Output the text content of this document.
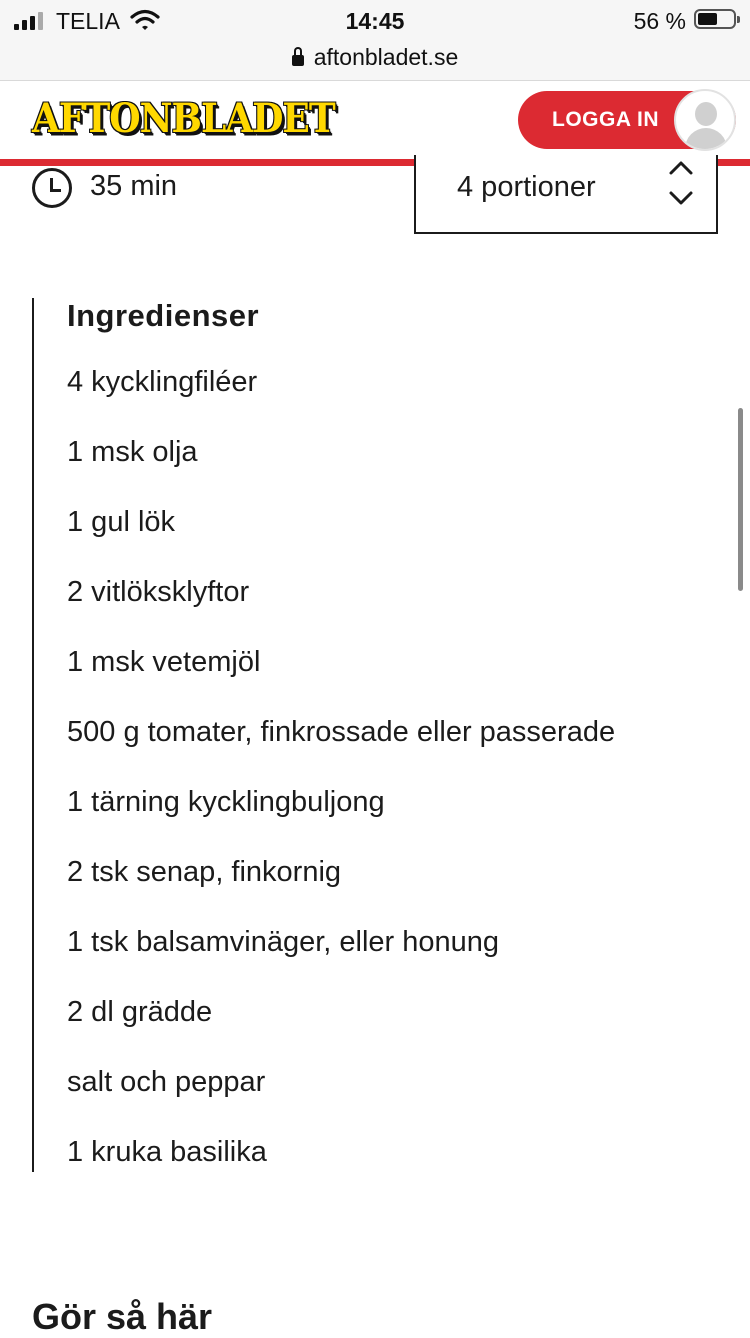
TELIA	14:45	56 %
aftonbladet.se
AFTONBLADET	LOGGA IN
35 min	4 portioner
Ingredienser
4 kycklingfiléer
1 msk olja
1 gul lök
2 vitlöksklyftor
1 msk vetemjöl
500 g tomater, finkrossade eller passerade
1 tärning kycklingbuljong
2 tsk senap, finkornig
1 tsk balsamvinäger, eller honung
2 dl grädde
salt och peppar
1 kruka basilika
Gör så här
